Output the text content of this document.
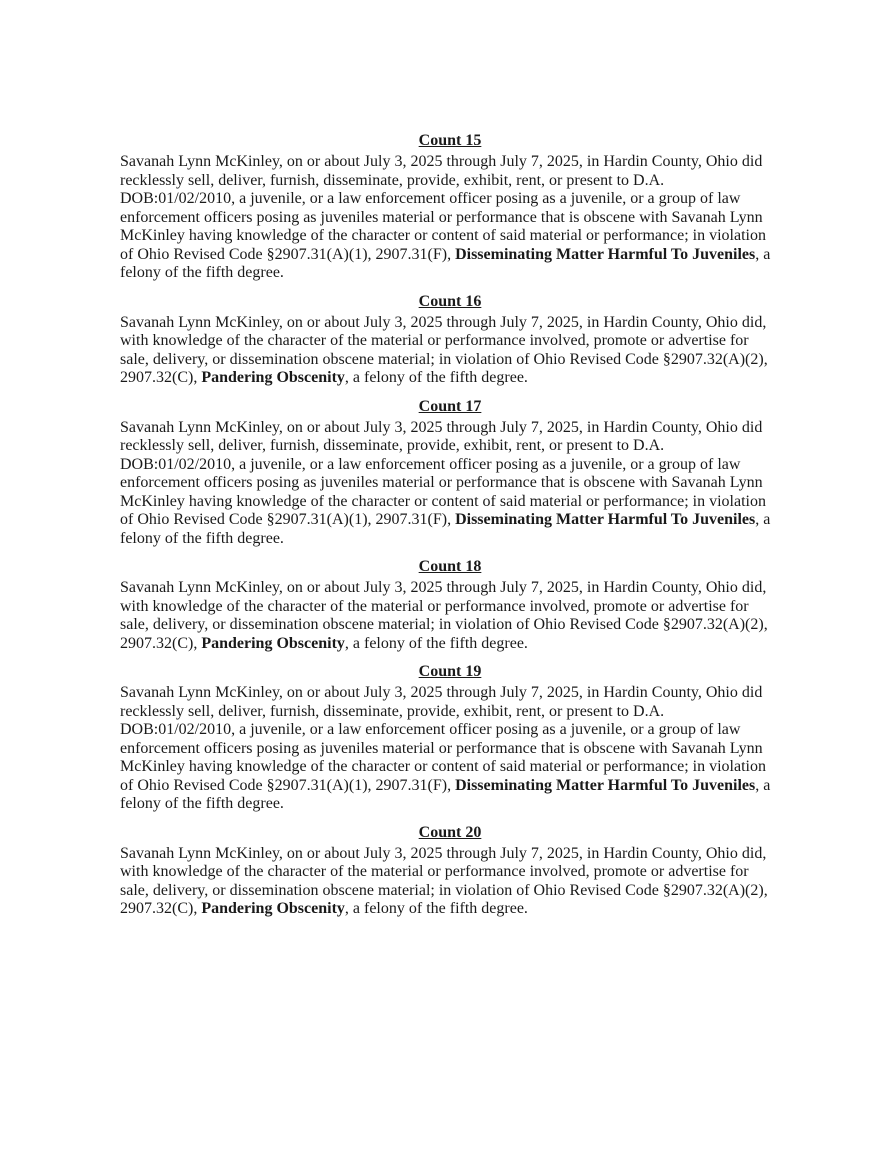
Count 15

Savanah Lynn McKinley, on or about July 3, 2025 through July 7, 2025, in Hardin County, Ohio did recklessly sell, deliver, furnish, disseminate, provide, exhibit, rent, or present to D.A. DOB:01/02/2010, a juvenile, or a law enforcement officer posing as a juvenile, or a group of law enforcement officers posing as juveniles material or performance that is obscene with Savanah Lynn McKinley having knowledge of the character or content of said material or performance; in violation of Ohio Revised Code §2907.31(A)(1), 2907.31(F), Disseminating Matter Harmful To Juveniles, a felony of the fifth degree.

Count 16

Savanah Lynn McKinley, on or about July 3, 2025 through July 7, 2025, in Hardin County, Ohio did, with knowledge of the character of the material or performance involved, promote or advertise for sale, delivery, or dissemination obscene material; in violation of Ohio Revised Code §2907.32(A)(2), 2907.32(C), Pandering Obscenity, a felony of the fifth degree.

Count 17

Savanah Lynn McKinley, on or about July 3, 2025 through July 7, 2025, in Hardin County, Ohio did recklessly sell, deliver, furnish, disseminate, provide, exhibit, rent, or present to D.A. DOB:01/02/2010, a juvenile, or a law enforcement officer posing as a juvenile, or a group of law enforcement officers posing as juveniles material or performance that is obscene with Savanah Lynn McKinley having knowledge of the character or content of said material or performance; in violation of Ohio Revised Code §2907.31(A)(1), 2907.31(F), Disseminating Matter Harmful To Juveniles, a felony of the fifth degree.

Count 18

Savanah Lynn McKinley, on or about July 3, 2025 through July 7, 2025, in Hardin County, Ohio did, with knowledge of the character of the material or performance involved, promote or advertise for sale, delivery, or dissemination obscene material; in violation of Ohio Revised Code §2907.32(A)(2), 2907.32(C), Pandering Obscenity, a felony of the fifth degree.

Count 19

Savanah Lynn McKinley, on or about July 3, 2025 through July 7, 2025, in Hardin County, Ohio did recklessly sell, deliver, furnish, disseminate, provide, exhibit, rent, or present to D.A. DOB:01/02/2010, a juvenile, or a law enforcement officer posing as a juvenile, or a group of law enforcement officers posing as juveniles material or performance that is obscene with Savanah Lynn McKinley having knowledge of the character or content of said material or performance; in violation of Ohio Revised Code §2907.31(A)(1), 2907.31(F), Disseminating Matter Harmful To Juveniles, a felony of the fifth degree.

Count 20

Savanah Lynn McKinley, on or about July 3, 2025 through July 7, 2025, in Hardin County, Ohio did, with knowledge of the character of the material or performance involved, promote or advertise for sale, delivery, or dissemination obscene material; in violation of Ohio Revised Code §2907.32(A)(2), 2907.32(C), Pandering Obscenity, a felony of the fifth degree.
